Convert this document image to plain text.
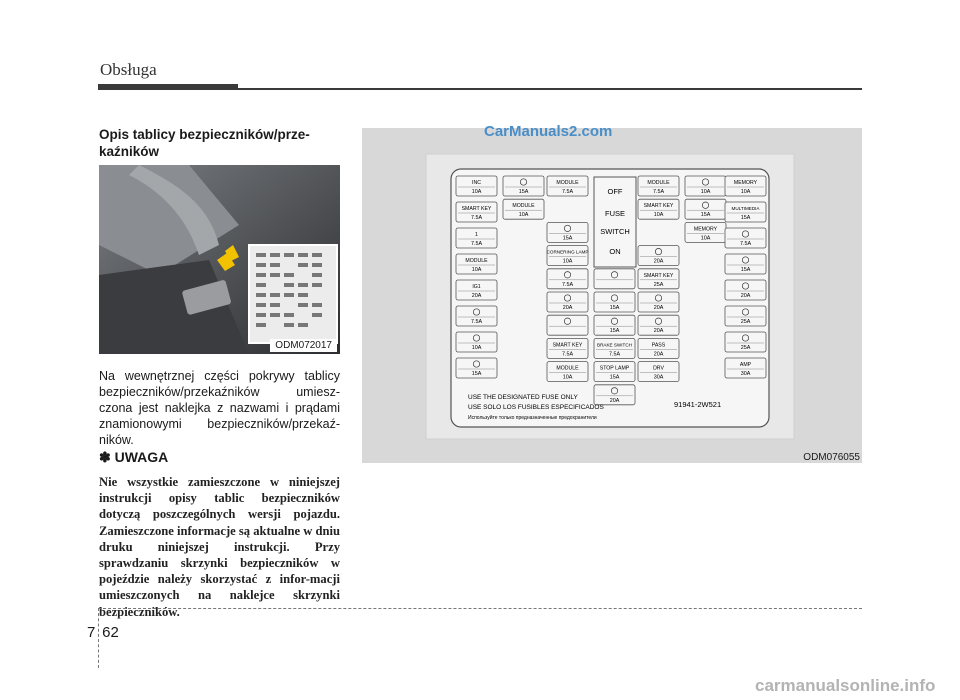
Obsługa
Opis tablicy bezpieczników/prze-
kaźników
ODM072017
Na wewnętrznej części pokrywy tablicy bezpieczników/przekaźników umiesz-czona jest naklejka z nazwami i prądami znamionowymi bezpieczników/przekaź-ników.
✽ UWAGA
Nie wszystkie zamieszczone w niniejszej instrukcji opisy tablic bezpieczników dotyczą poszczególnych wersji pojazdu. Zamieszczone informacje są aktualne w dniu druku niniejszej instrukcji. Przy sprawdzaniu skrzynki bezpieczników w pojeździe należy skorzystać z infor-macji umieszczonych na naklejce skrzynki bezpieczników.
INC
10A
SMART KEY
7.5A
1
7.5A
MODULE
10A
IG1
20A
7.5A
10A
15A
15A
MODULE
10A
MODULE
7.5A
15A
CORNERING LAMP
10A
7.5A
20A
SMART KEY
7.5A
MODULE
10A
15A
15A
BRAKE SWITCH
7.5A
STOP LAMP
15A
20A
MODULE
7.5A
SMART KEY
10A
20A
SMART KEY
25A
20A
20A
PASS
20A
DRV
30A
10A
15A
MEMORY
10A
MEMORY
10A
MULTIMEDIA
15A
7.5A
15A
20A
25A
25A
AMP
30A
OFF
FUSE
SWITCH
ON
USE THE DESIGNATED FUSE ONLY
USE SOLO LOS FUSIBLES ESPECIFICADOS
Используйте только предназначенные предохранители
91941-2W521
CarManuals2.com
ODM076055
7 62
carmanualsonline.info
